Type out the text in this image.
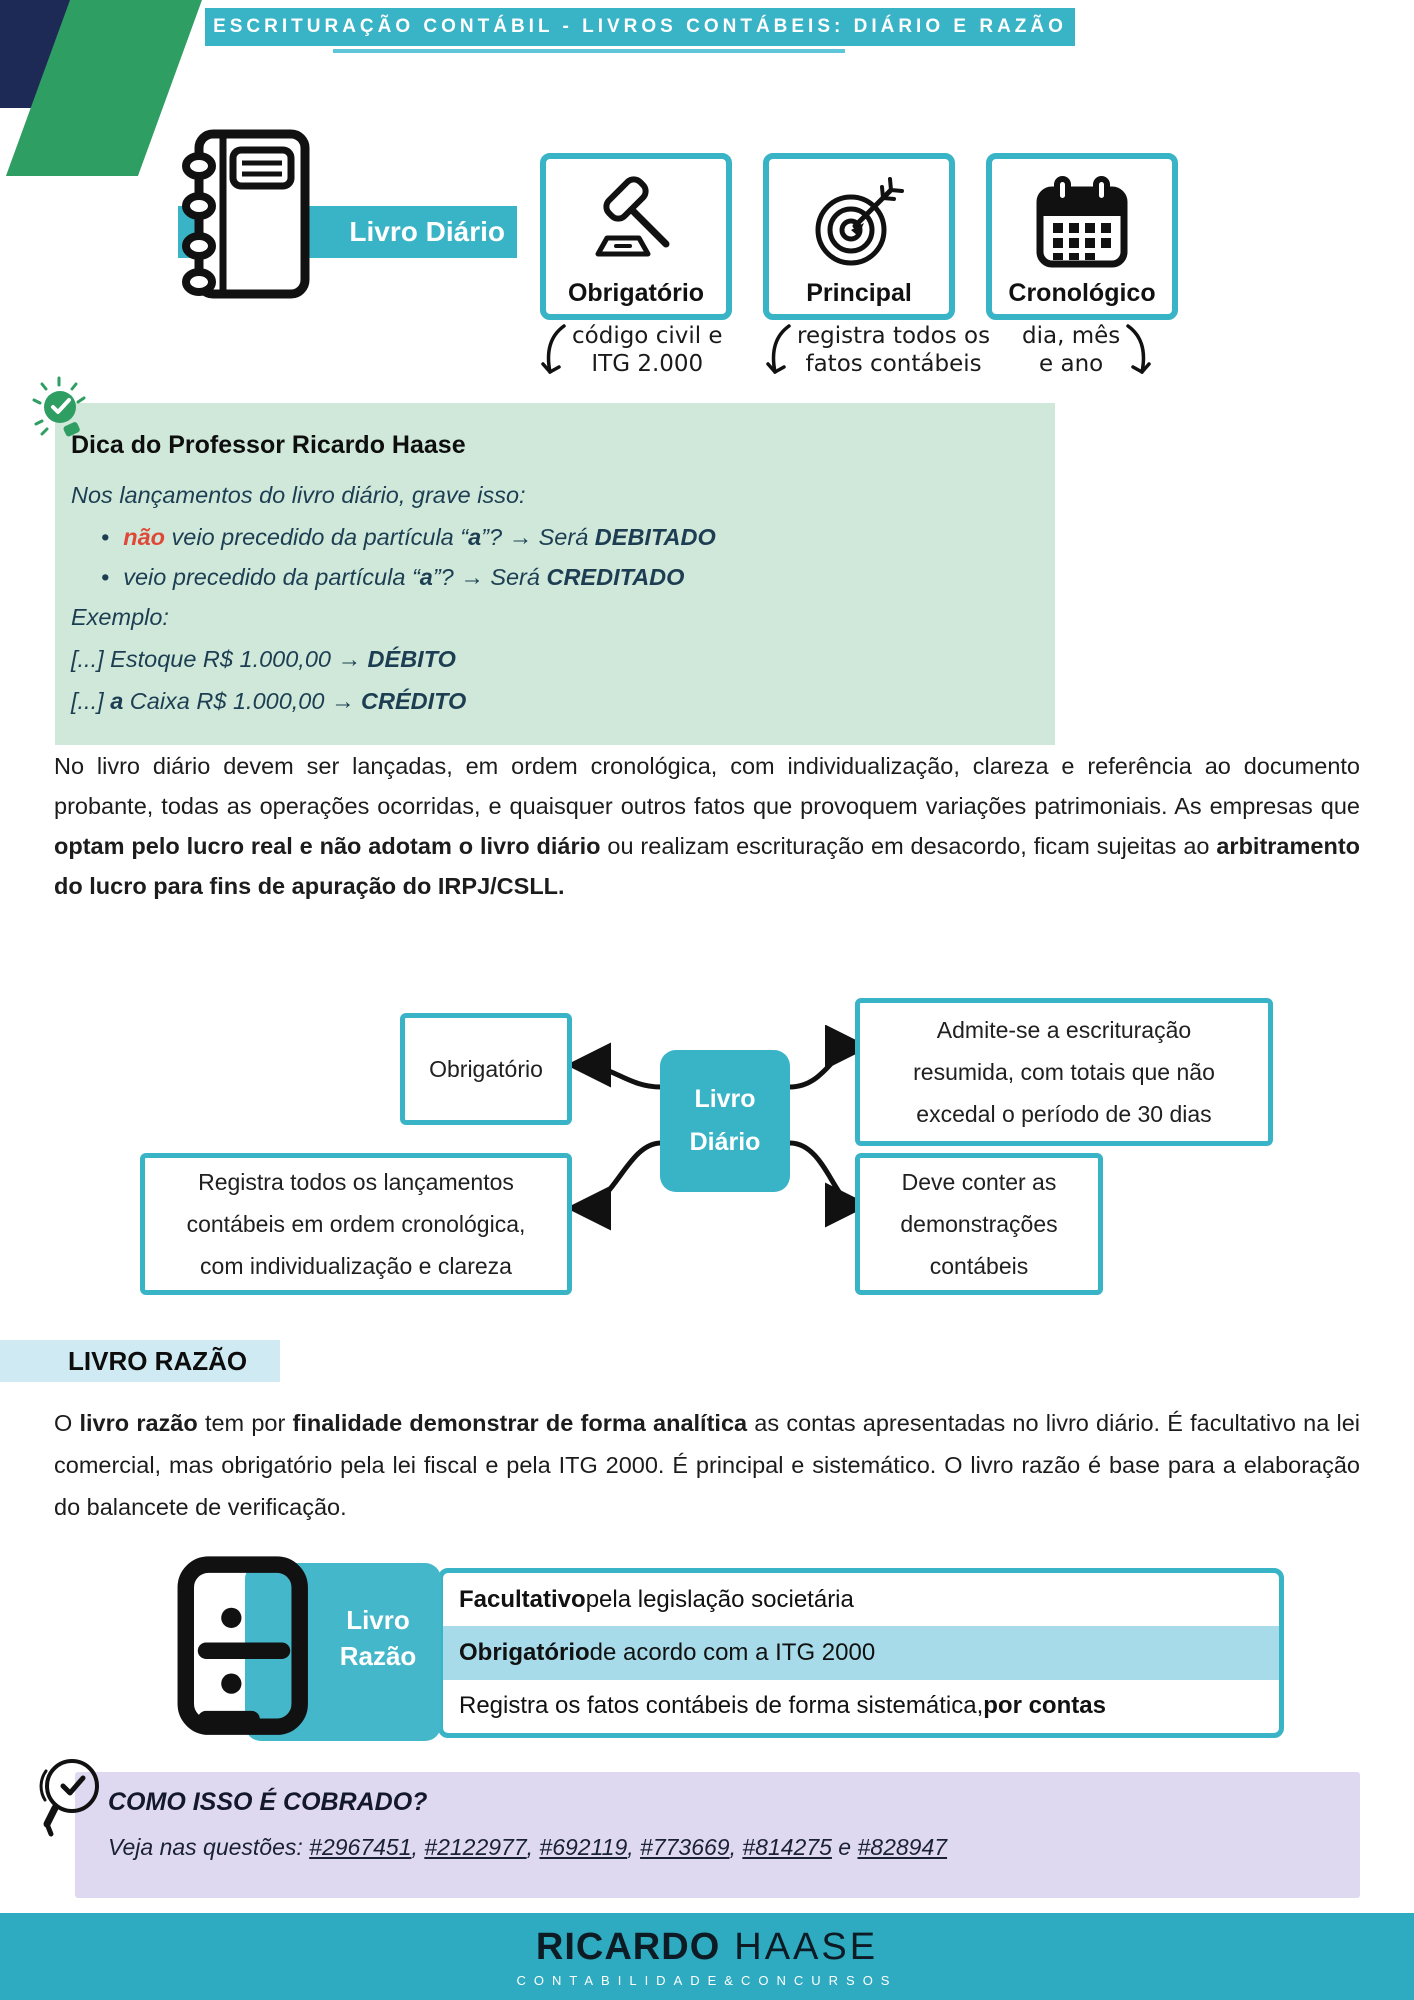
ESCRITURAÇÃO CONTÁBIL - LIVROS CONTÁBEIS: DIÁRIO E RAZÃO
Livro Diário
Obrigatório	Principal	Cronológico
código civil e
ITG 2.000
registra todos os
fatos contábeis
dia, mês
e ano
Dica do Professor Ricardo Haase
Nos lançamentos do livro diário, grave isso:
• não veio precedido da partícula “a”? → Será DEBITADO
• veio precedido da partícula “a”? → Será CREDITADO
Exemplo:
[...] Estoque R$ 1.000,00 → DÉBITO
[...] a Caixa R$ 1.000,00 → CRÉDITO
No livro diário devem ser lançadas, em ordem cronológica, com individualização, clareza e referência ao documento probante, todas as operações ocorridas, e quaisquer outros fatos que provoquem variações patrimoniais. As empresas que optam pelo lucro real e não adotam o livro diário ou realizam escrituração em desacordo, ficam sujeitas ao arbitramento do lucro para fins de apuração do IRPJ/CSLL.
Obrigatório
Registra todos os lançamentos
contábeis em ordem cronológica,
com individualização e clareza
Admite-se a escrituração
resumida, com totais que não
excedal o período de 30 dias
Deve conter as
demonstrações
contábeis
Livro
Diário
LIVRO RAZÃO
O livro razão tem por finalidade demonstrar de forma analítica as contas apresentadas no livro diário. É facultativo na lei comercial, mas obrigatório pela lei fiscal e pela ITG 2000. É principal e sistemático. O livro razão é base para a elaboração do balancete de verificação.
Livro
Razão
Facultativo pela legislação societária
Obrigatório de acordo com a ITG 2000
Registra os fatos contábeis de forma sistemática, por contas
COMO ISSO É COBRADO?
Veja nas questões: #2967451, #2122977, #692119, #773669, #814275 e #828947
RICARDO HAASE
CONTABILIDADE&CONCURSOS
